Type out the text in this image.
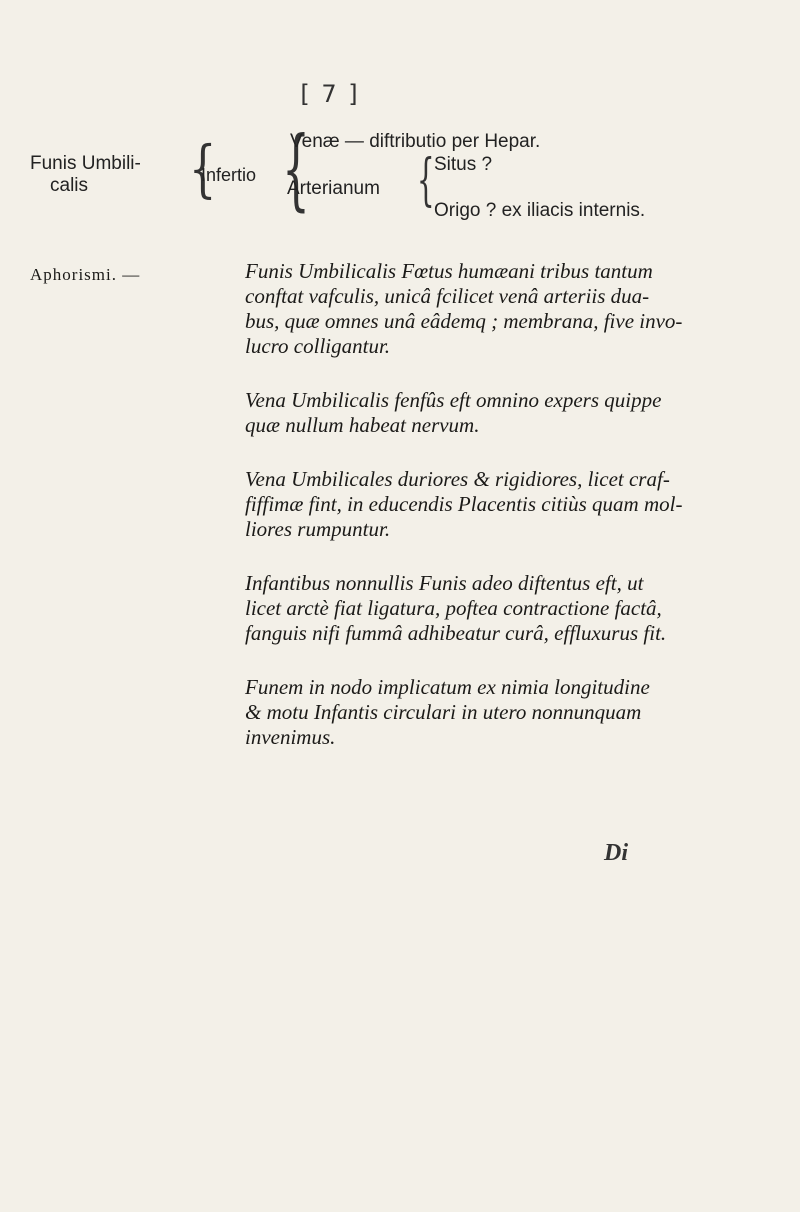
[ 7 ]
Funis Umbili-
calis {
Infertio {
Venæ — diftributio per Hepar.
Arterianum { Situs ?
Origo ? ex iliacis internis.
Aphorismi. —	Funis Umbilicalis Fœtus humæani tribus tantum
conftat vafculis, unicâ fcilicet venâ arteriis dua-
bus, quæ omnes unâ eâdemq ; membrana, five invo-
lucro colligantur.

Vena Umbilicalis fenfûs eft omnino expers quippe
quæ nullum habeat nervum.

Vena Umbilicales duriores & rigidiores, licet craf-
fiffimæ fint, in educendis Placentis citiùs quam mol-
liores rumpuntur.

Infantibus nonnullis Funis adeo diftentus eft, ut
licet arctè fiat ligatura, poftea contractione factâ,
fanguis nifi fummâ adhibeatur curâ, effluxurus fit.

Funem in nodo implicatum ex nimia longitudine
& motu Infantis circulari in utero nonnunquam
invenimus.

Di
